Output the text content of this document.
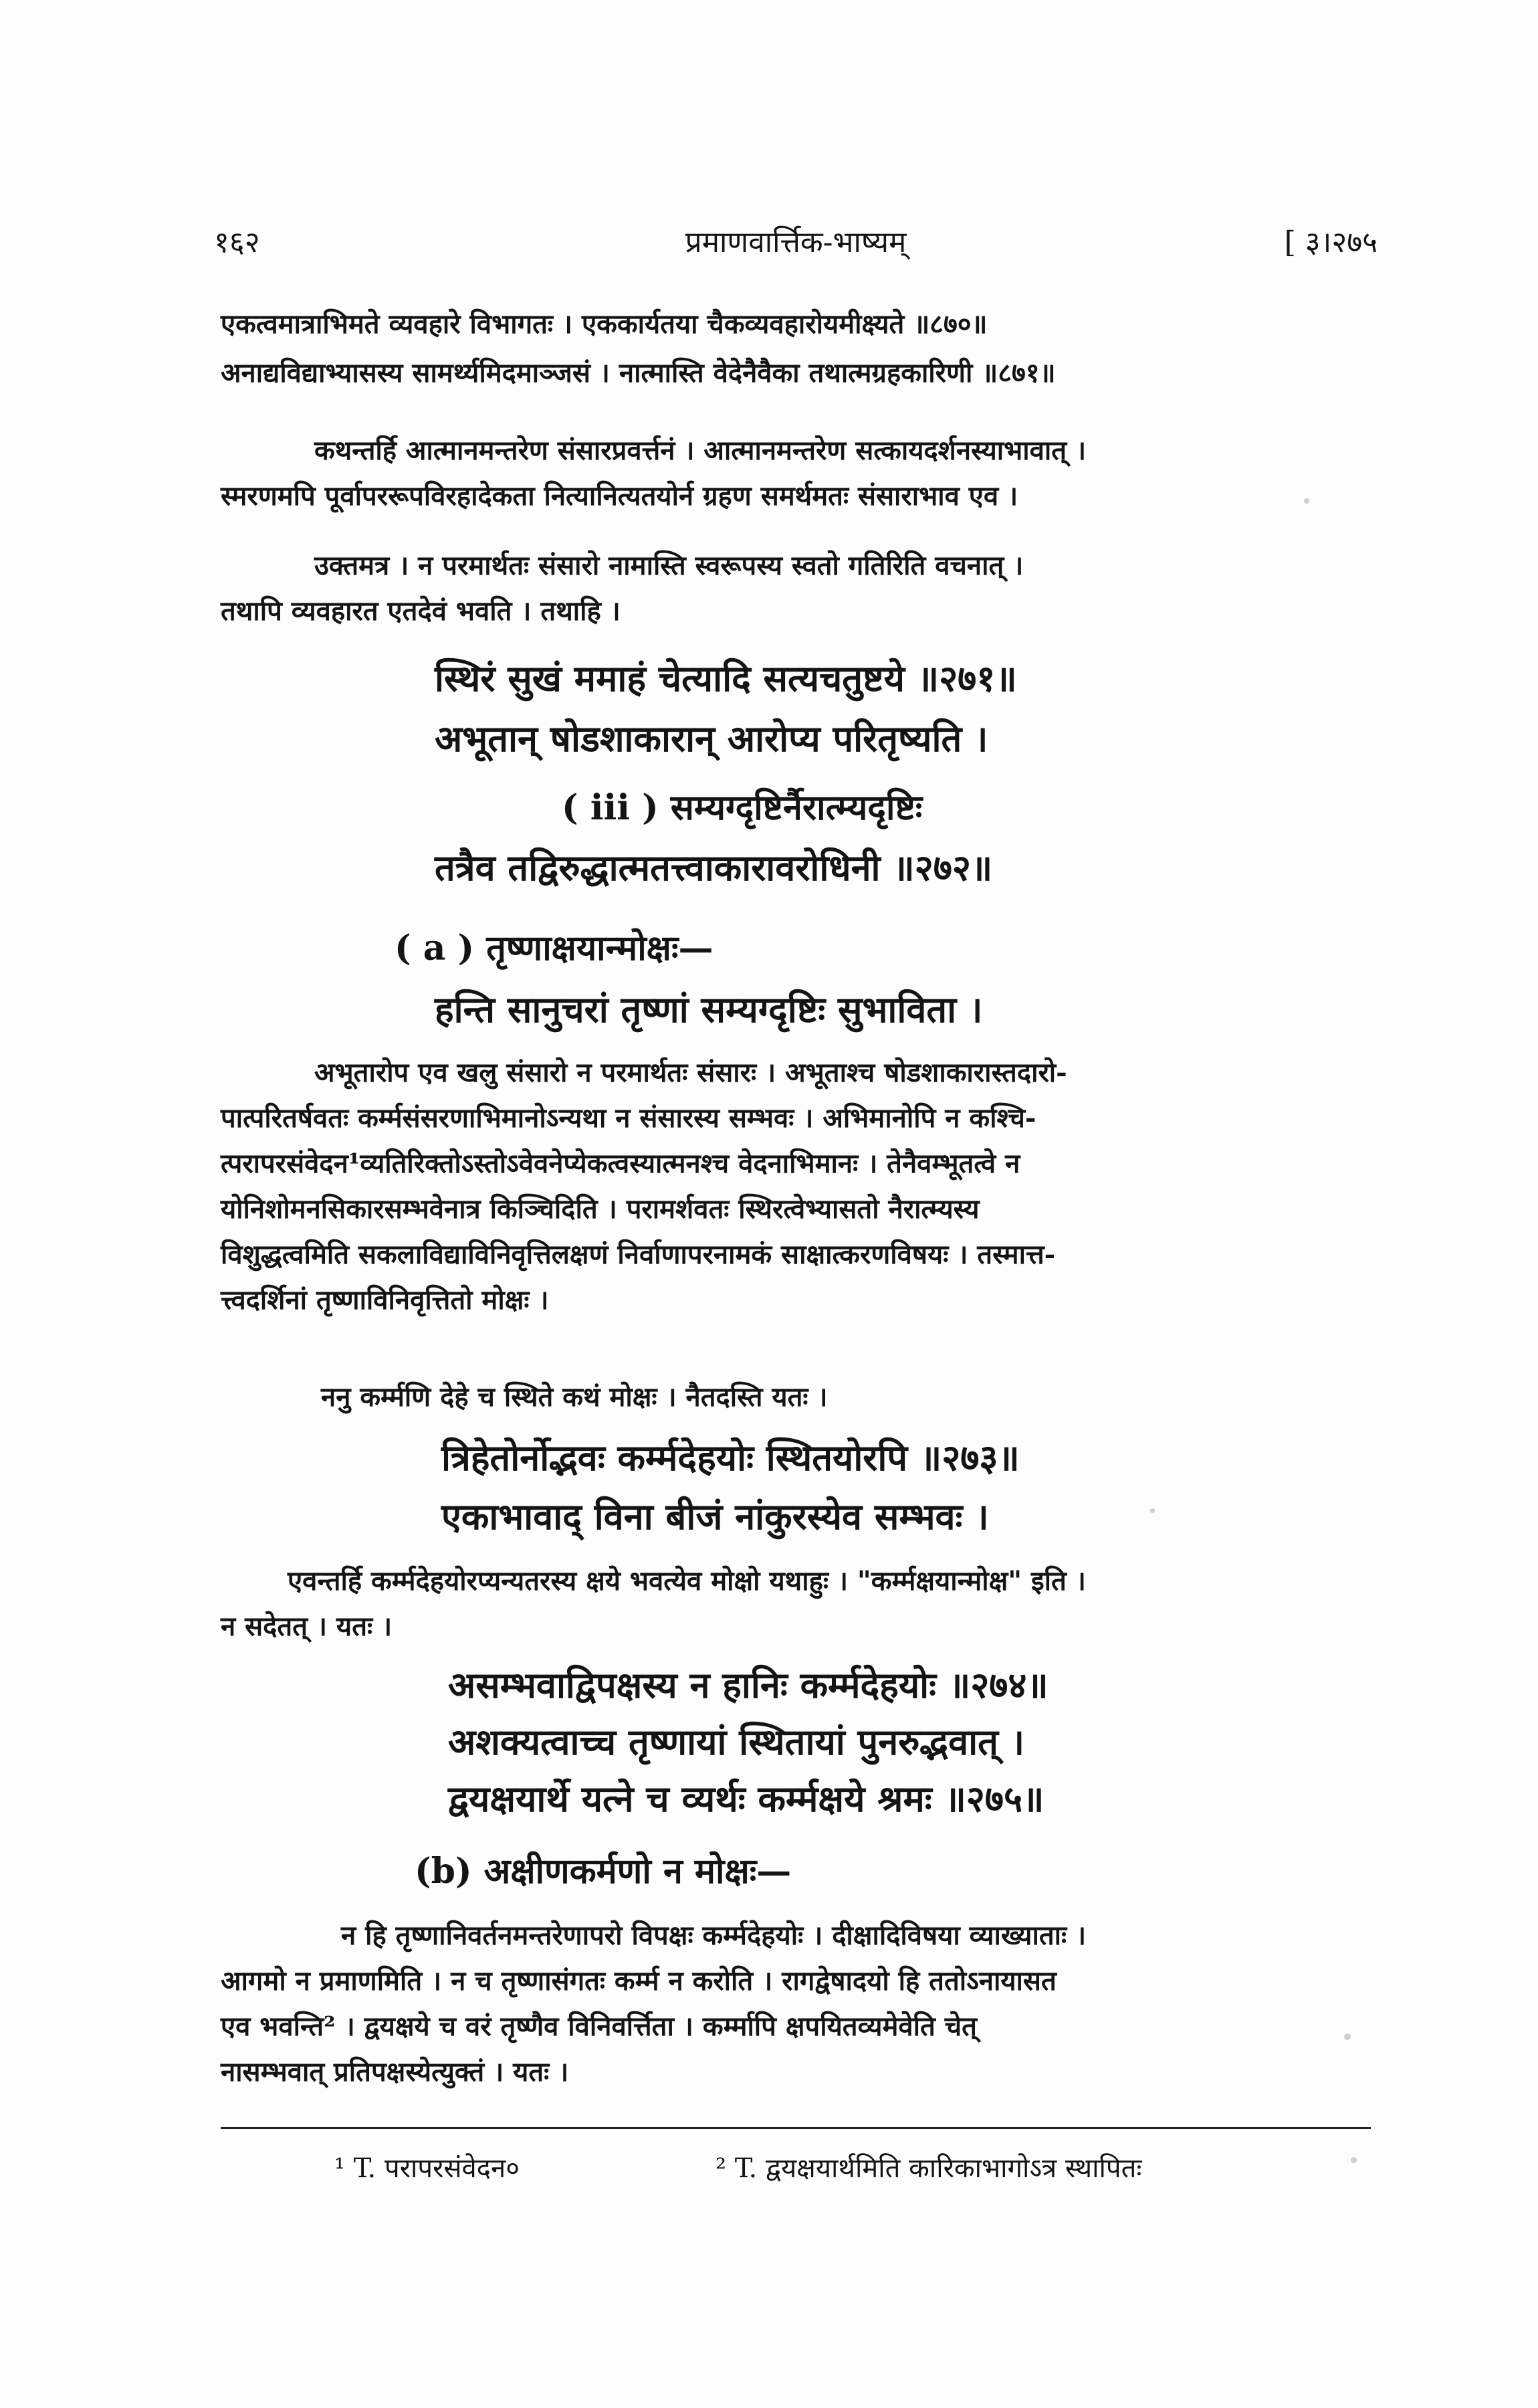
प्रमाणवार्त्तिक-भाष्यम्
१६२	[ ३।२७५
एकत्वमात्राभिमते व्यवहारे विभागतः । एककार्यतया चैकव्यवहारोयमीक्ष्यते ॥८७०॥
अनाद्यविद्याभ्यासस्य सामर्थ्यमिदमाञ्जसं । नात्मास्ति वेदेनैवैका तथात्मग्रहकारिणी ॥८७१॥
कथन्तर्हि आत्मानमन्तरेण संसारप्रवर्त्तनं । आत्मानमन्तरेण सत्कायदर्शनस्याभावात् ।
स्मरणमपि पूर्वापररूपविरहादेकता नित्यानित्यतयोर्न ग्रहण समर्थमतः संसाराभाव एव ।
उक्तमत्र । न परमार्थतः संसारो नामास्ति स्वरूपस्य स्वतो गतिरिति वचनात् ।
तथापि व्यवहारत एतदेवं भवति । तथाहि ।
स्थिरं सुखं ममाहं चेत्यादि सत्यचतुष्टये ॥२७१॥
अभूतान् षोडशाकारान् आरोप्य परितृष्यति ।
( iii ) सम्यग्दृष्टिर्नैरात्म्यदृष्टिः
तत्रैव तद्विरुद्धात्मतत्त्वाकारावरोधिनी ॥२७२॥
( a ) तृष्णाक्षयान्मोक्षः—
हन्ति सानुचरां तृष्णां सम्यग्दृष्टिः सुभाविता ।
अभूतारोप एव खलु संसारो न परमार्थतः संसारः । अभूताश्च षोडशाकारास्तदारो-
पात्परितर्षवतः कर्म्मसंसरणाभिमानोऽन्यथा न संसारस्य सम्भवः । अभिमानोपि न कश्चि-
त्परापरसंवेदन¹व्यतिरिक्तोऽस्तोऽवेवनेप्येकत्वस्यात्मनश्च वेदनाभिमानः । तेनैवम्भूतत्वे न
योनिशोमनसिकारसम्भवेनात्र किञ्चिदिति । परामर्शवतः स्थिरत्वेभ्यासतो नैरात्म्यस्य
विशुद्धत्वमिति सकलाविद्याविनिवृत्तिलक्षणं निर्वाणापरनामकं साक्षात्करणविषयः । तस्मात्त-
त्त्वदर्शिनां तृष्णाविनिवृत्तितो मोक्षः ।
ननु कर्म्मणि देहे च स्थिते कथं मोक्षः । नैतदस्ति यतः ।
त्रिहेतोर्नोद्भवः कर्म्मदेहयोः स्थितयोरपि ॥२७३॥
एकाभावाद् विना बीजं नांकुरस्येव सम्भवः ।
एवन्तर्हि कर्म्मदेहयोरप्यन्यतरस्य क्षये भवत्येव मोक्षो यथाहुः । "कर्म्मक्षयान्मोक्ष" इति ।
न सदेतत् । यतः ।
असम्भवाद्विपक्षस्य न हानिः कर्म्मदेहयोः ॥२७४॥
अशक्यत्वाच्च तृष्णायां स्थितायां पुनरुद्भवात् ।
द्वयक्षयार्थे यत्ने च व्यर्थः कर्म्मक्षये श्रमः ॥२७५॥
(b) अक्षीणकर्मणो न मोक्षः—
न हि तृष्णानिवर्तनमन्तरेणापरो विपक्षः कर्म्मदेहयोः । दीक्षादिविषया व्याख्याताः ।
आगमो न प्रमाणमिति । न च तृष्णासंगतः कर्म्म न करोति । रागद्वेषादयो हि ततोऽनायासत
एव भवन्ति² । द्वयक्षये च वरं तृष्णैव विनिवर्त्तिता । कर्म्मापि क्षपयितव्यमेवेति चेत्
नासम्भवात् प्रतिपक्षस्येत्युक्तं । यतः ।
¹ T. परापरसंवेदन०	² T. द्वयक्षयार्थमिति कारिकाभागोऽत्र स्थापितः
